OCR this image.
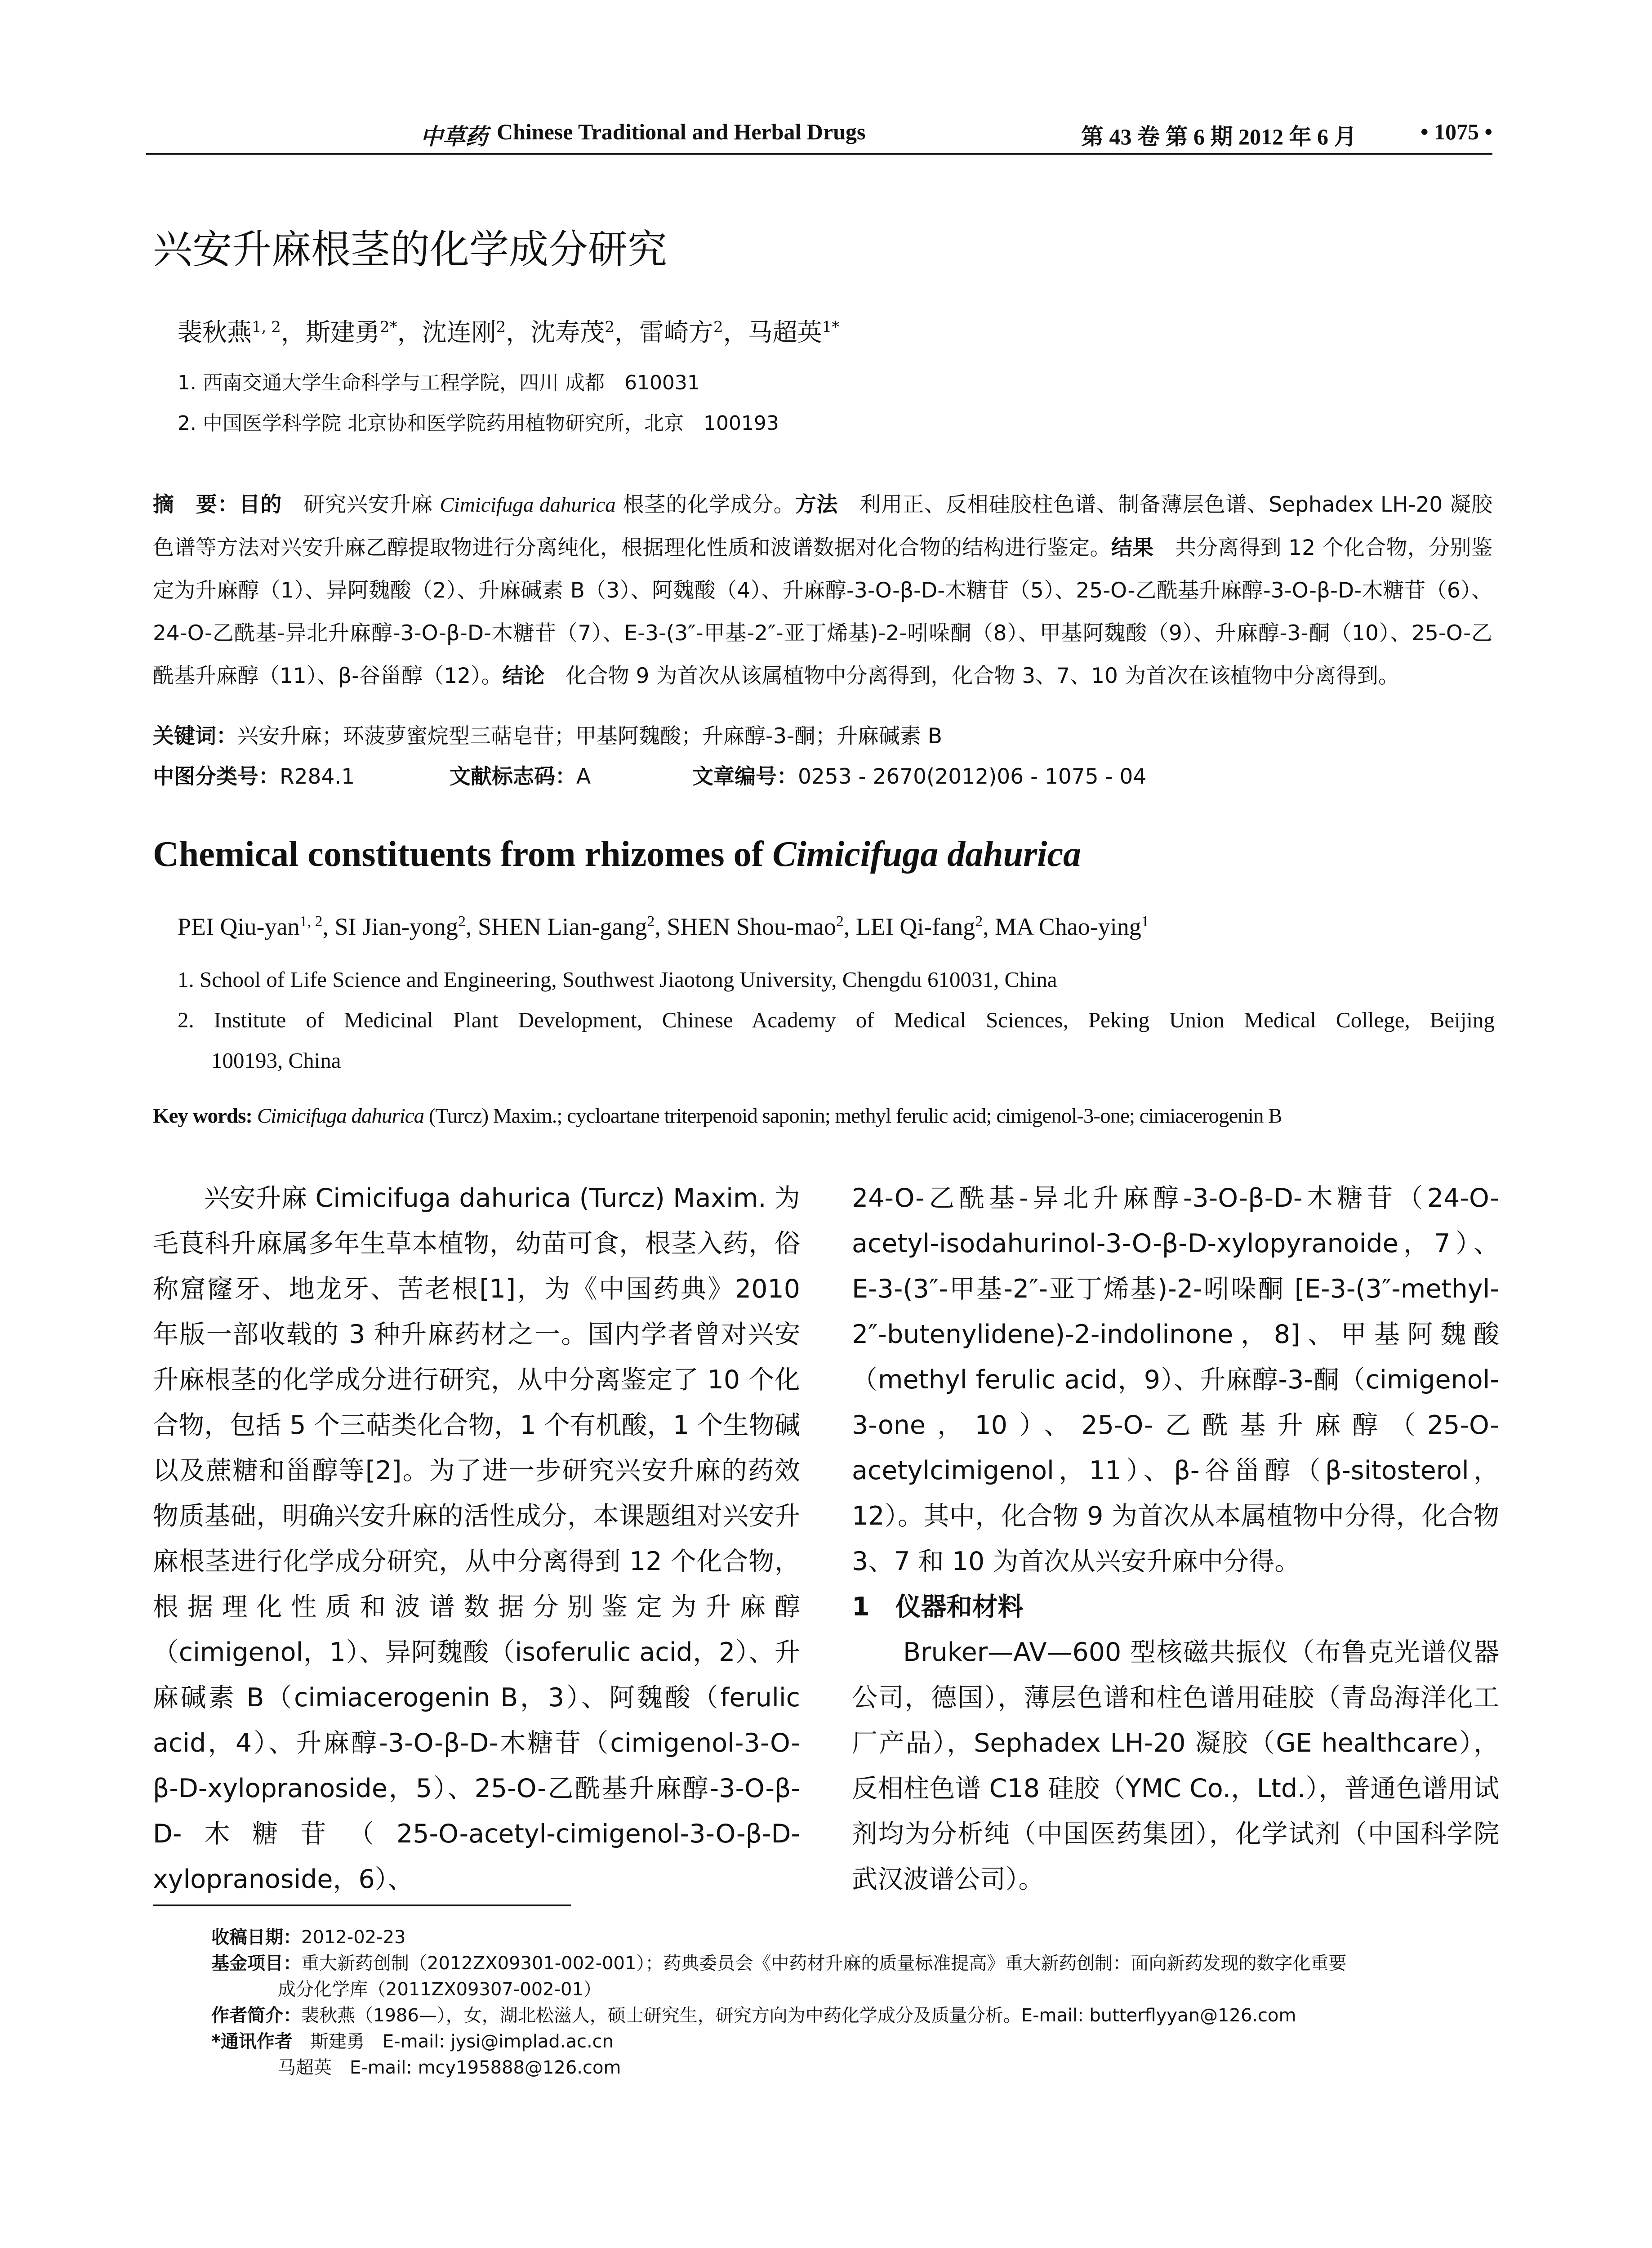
中草药 Chinese Traditional and Herbal Drugs	第 43 卷 第 6 期 2012 年 6 月	• 1075 •
兴安升麻根茎的化学成分研究
裴秋燕$^{1, 2}$，斯建勇$^{2*}$，沈连刚$^2$，沈寿茂$^2$，雷崎方$^2$，马超英$^{1*}$
1. 西南交通大学生命科学与工程学院，四川 成都　610031
2. 中国医学科学院 北京协和医学院药用植物研究所，北京　100193
摘　要：目的　研究兴安升麻 Cimicifuga dahurica 根茎的化学成分。方法　利用正、反相硅胶柱色谱、制备薄层色谱、Sephadex LH-20 凝胶色谱等方法对兴安升麻乙醇提取物进行分离纯化，根据理化性质和波谱数据对化合物的结构进行鉴定。结果　共分离得到 12 个化合物，分别鉴定为升麻醇（1）、异阿魏酸（2）、升麻碱素 B（3）、阿魏酸（4）、升麻醇-3-O-β-D-木糖苷（5）、25-O-乙酰基升麻醇-3-O-β-D-木糖苷（6）、24-O-乙酰基-异北升麻醇-3-O-β-D-木糖苷（7）、E-3-(3″-甲基-2″-亚丁烯基)-2-吲哚酮（8）、甲基阿魏酸（9）、升麻醇-3-酮（10）、25-O-乙酰基升麻醇（11）、β-谷甾醇（12）。结论　化合物 9 为首次从该属植物中分离得到，化合物 3、7、10 为首次在该植物中分离得到。
关键词：兴安升麻；环菠萝蜜烷型三萜皂苷；甲基阿魏酸；升麻醇-3-酮；升麻碱素 B
中图分类号：R284.1	文献标志码：A	文章编号：0253 - 2670(2012)06 - 1075 - 04
Chemical constituents from rhizomes of Cimicifuga dahurica
PEI Qiu-yan$^{1, 2}$, SI Jian-yong$^2$, SHEN Lian-gang$^2$, SHEN Shou-mao$^2$, LEI Qi-fang$^2$, MA Chao-ying$^1$
1. School of Life Science and Engineering, Southwest Jiaotong University, Chengdu 610031, China
2. Institute of Medicinal Plant Development, Chinese Academy of Medical Sciences, Peking Union Medical College, Beijing
100193, China
Key words: Cimicifuga dahurica (Turcz) Maxim.; cycloartane triterpenoid saponin; methyl ferulic acid; cimigenol-3-one; cimiacerogenin B

兴安升麻 Cimicifuga dahurica (Turcz) Maxim. 为毛茛科升麻属多年生草本植物，幼苗可食，根茎入药，俗称窟窿牙、地龙牙、苦老根[1]，为《中国药典》2010 年版一部收载的 3 种升麻药材之一。国内学者曾对兴安升麻根茎的化学成分进行研究，从中分离鉴定了 10 个化合物，包括 5 个三萜类化合物，1 个有机酸，1 个生物碱以及蔗糖和甾醇等[2]。为了进一步研究兴安升麻的药效物质基础，明确兴安升麻的活性成分，本课题组对兴安升麻根茎进行化学成分研究，从中分离得到 12 个化合物，根据理化性质和波谱数据分别鉴定为升麻醇（cimigenol，1）、异阿魏酸（isoferulic acid，2）、升麻碱素 B（cimiacerogenin B，3）、阿魏酸（ferulic acid，4）、升麻醇-3-O-β-D-木糖苷（cimigenol-3-O-β-D-xylopranoside，5）、25-O-乙酰基升麻醇-3-O-β-D-木糖苷（25-O-acetyl-cimigenol-3-O-β-D-xylopranoside，6）、

24-O-乙酰基-异北升麻醇-3-O-β-D-木糖苷（24-O-acetyl-isodahurinol-3-O-β-D-xylopyranoide，7）、E-3-(3″-甲基-2″-亚丁烯基)-2-吲哚酮 [E-3-(3″-methyl-2″-butenylidene)-2-indolinone，8]、甲基阿魏酸（methyl ferulic acid，9）、升麻醇-3-酮（cimigenol-3-one，10）、25-O-乙酰基升麻醇（25-O-acetylcimigenol，11）、β-谷甾醇（β-sitosterol，12）。其中，化合物 9 为首次从本属植物中分得，化合物 3、7 和 10 为首次从兴安升麻中分得。

1　仪器和材料

Bruker—AV—600 型核磁共振仪（布鲁克光谱仪器公司，德国），薄层色谱和柱色谱用硅胶（青岛海洋化工厂产品），Sephadex LH-20 凝胶（GE healthcare），反相柱色谱 C18 硅胶（YMC Co.，Ltd.），普通色谱用试剂均为分析纯（中国医药集团），化学试剂（中国科学院武汉波谱公司）。

收稿日期：2012-02-23
基金项目：重大新药创制（2012ZX09301-002-001）；药典委员会《中药材升麻的质量标准提高》重大新药创制：面向新药发现的数字化重要
成分化学库（2011ZX09307-002-01）
作者简介：裴秋燕（1986—），女，湖北松滋人，硕士研究生，研究方向为中药化学成分及质量分析。E-mail: butterflyyan@126.com
*通讯作者　 斯建勇　E-mail: jysi@implad.ac.cn
马超英　E-mail: mcy195888@126.com
